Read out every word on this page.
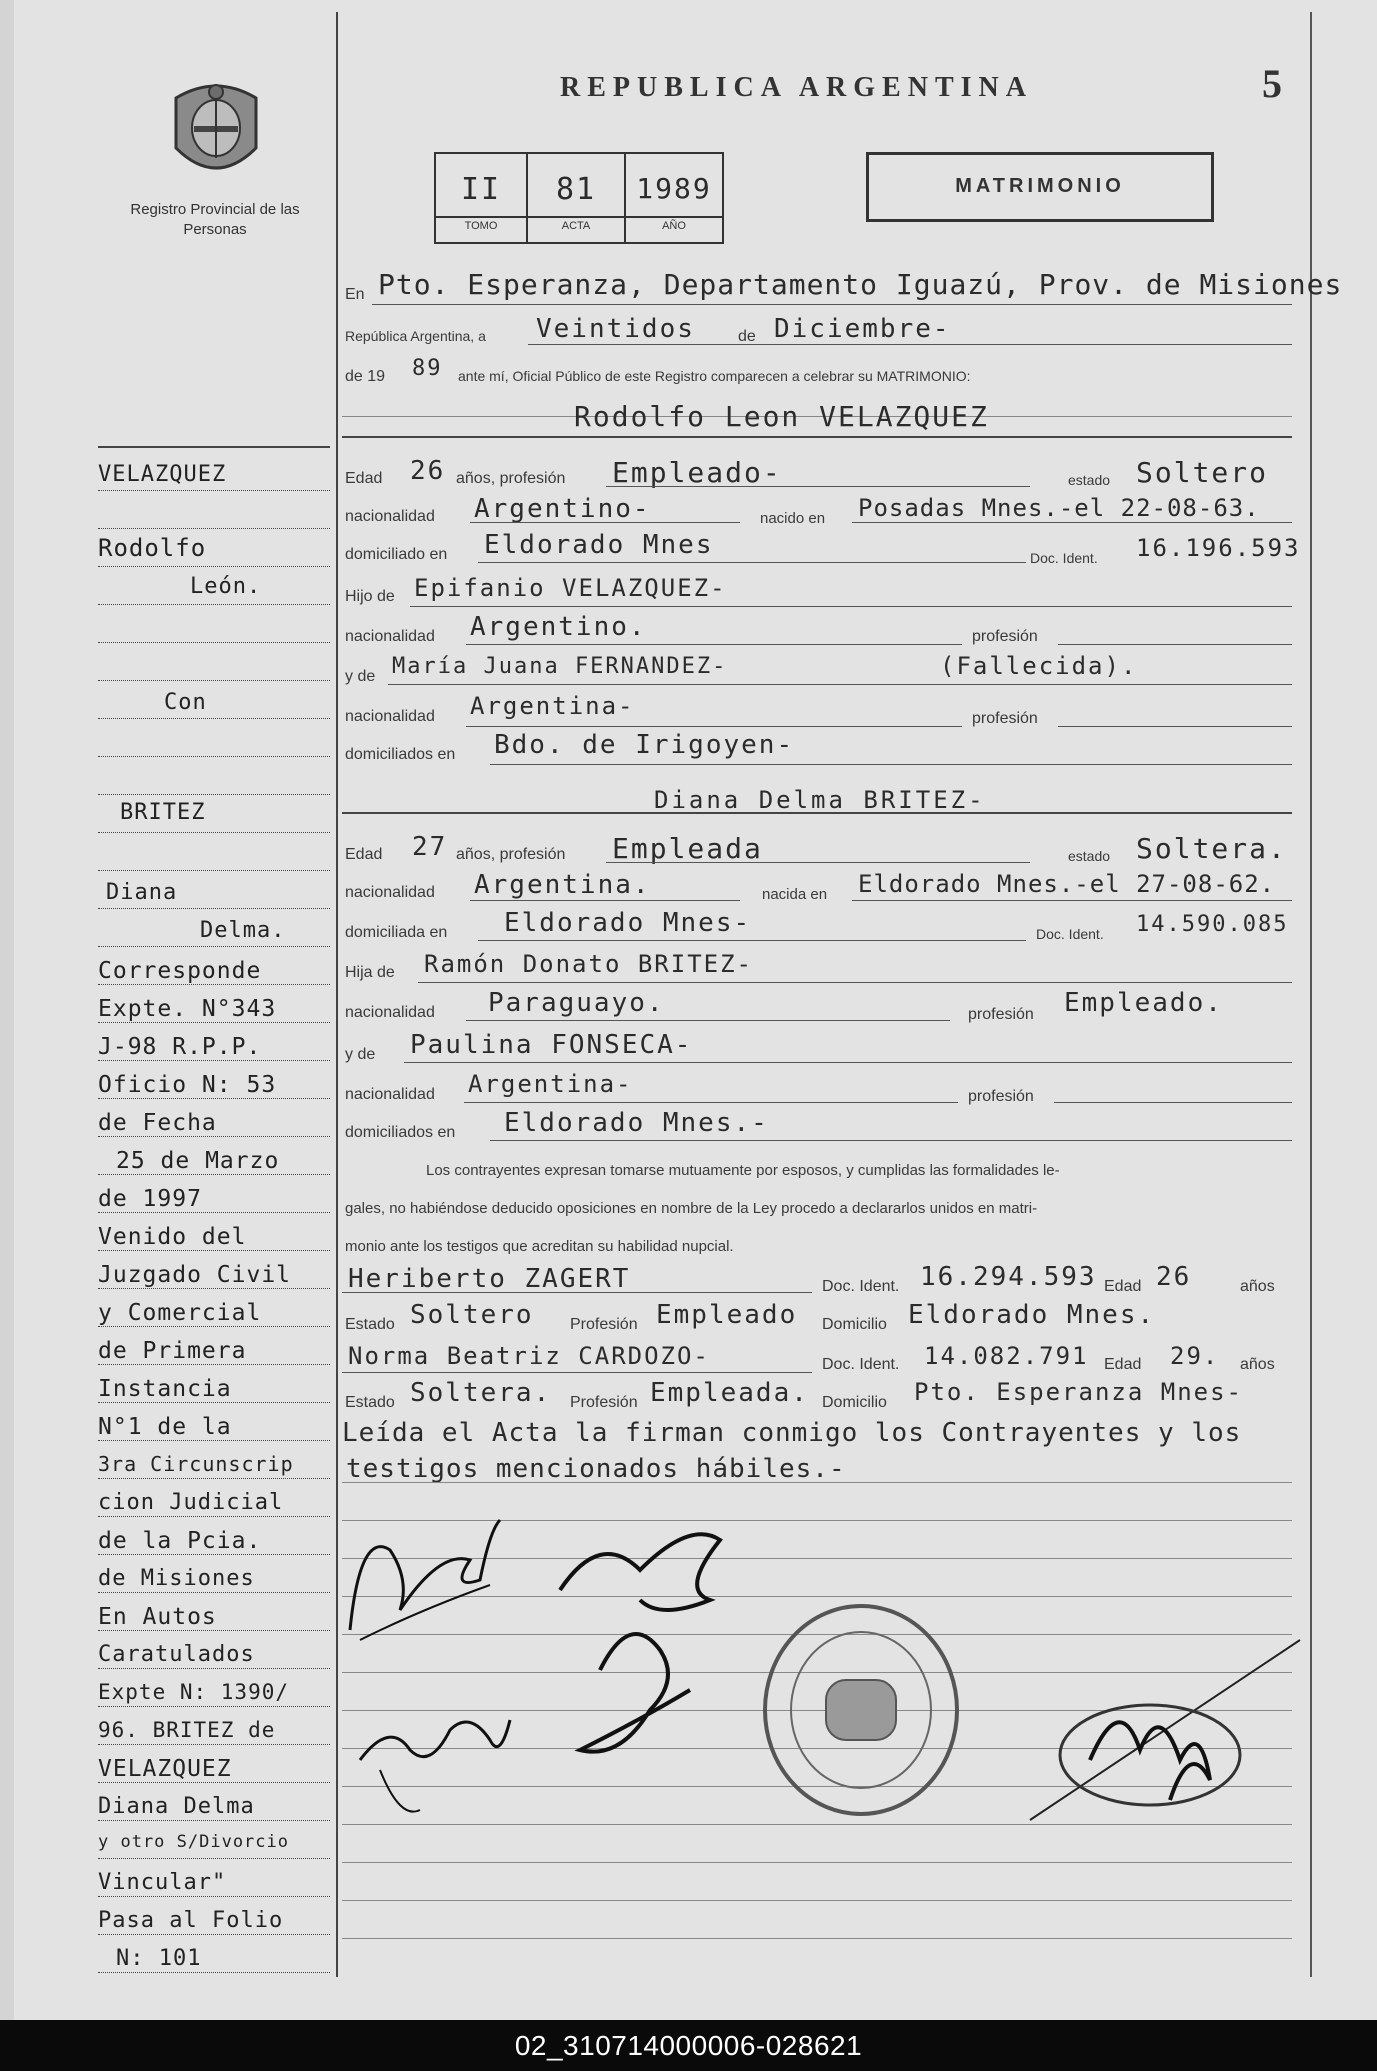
Registro Provincial de las Personas
REPUBLICA ARGENTINA	5
II	81	1989
TOMO	ACTA	AÑO
MATRIMONIO
En Pto. Esperanza, Departamento Iguazú, Prov. de Misiones
República Argentina, a Veintidos	de Diciembre-
de 19 89 ante mí, Oficial Público de este Registro comparecen a celebrar su MATRIMONIO:
Rodolfo Leon VELAZQUEZ
Edad 26 años, profesión Empleado-	estado Soltero
nacionalidad Argentino-	nacido en Posadas Mnes.-el 22-08-63.
domiciliado en Eldorado Mnes	Doc. Ident. 16.196.593
Hijo de Epifanio VELAZQUEZ-
nacionalidad Argentino.	profesión
y de María Juana FERNANDEZ-	(Fallecida).
nacionalidad Argentina-	profesión
domiciliados en Bdo. de Irigoyen-
Diana Delma BRITEZ-
Edad 27 años, profesión Empleada	estado Soltera.
nacionalidad Argentina.	nacida en Eldorado Mnes.-el 27-08-62.
domiciliada en Eldorado Mnes-	Doc. Ident. 14.590.085
Hija de Ramón Donato BRITEZ-
nacionalidad Paraguayo.	profesión Empleado.
y de Paulina FONSECA-
nacionalidad Argentina-	profesión
domiciliados en Eldorado Mnes.-
Los contrayentes expresan tomarse mutuamente por esposos, y cumplidas las formalidades le-
gales, no habiéndose deducido oposiciones en nombre de la Ley procedo a declararlos unidos en matri-
monio ante los testigos que acreditan su habilidad nupcial.
Heriberto ZAGERT	Doc. Ident. 16.294.593 Edad 26	años
Estado Soltero Profesión Empleado Domicilio Eldorado Mnes.
Norma Beatriz CARDOZO-	Doc. Ident. 14.082.791 Edad 29. años
Estado Soltera. Profesión Empleada. Domicilio Pto. Esperanza Mnes-
Leída el Acta la firman conmigo los Contrayentes y los
testigos mencionados hábiles.-
VELAZQUEZ
Rodolfo
León.
Con
BRITEZ
Diana
Delma.
Corresponde
Expte. N°343
J-98 R.P.P.
Oficio N: 53
de Fecha
25 de Marzo
de 1997
Venido del
Juzgado Civil
y Comercial
de Primera
Instancia
N°1 de la
3ra Circunscrip
cion Judicial
de la Pcia.
de Misiones
En Autos
Caratulados
Expte N: 1390/
96. BRITEZ de
VELAZQUEZ
Diana Delma
y otro S/Divorcio
Vincular"
Pasa al Folio
N: 101
02_310714000006-028621
